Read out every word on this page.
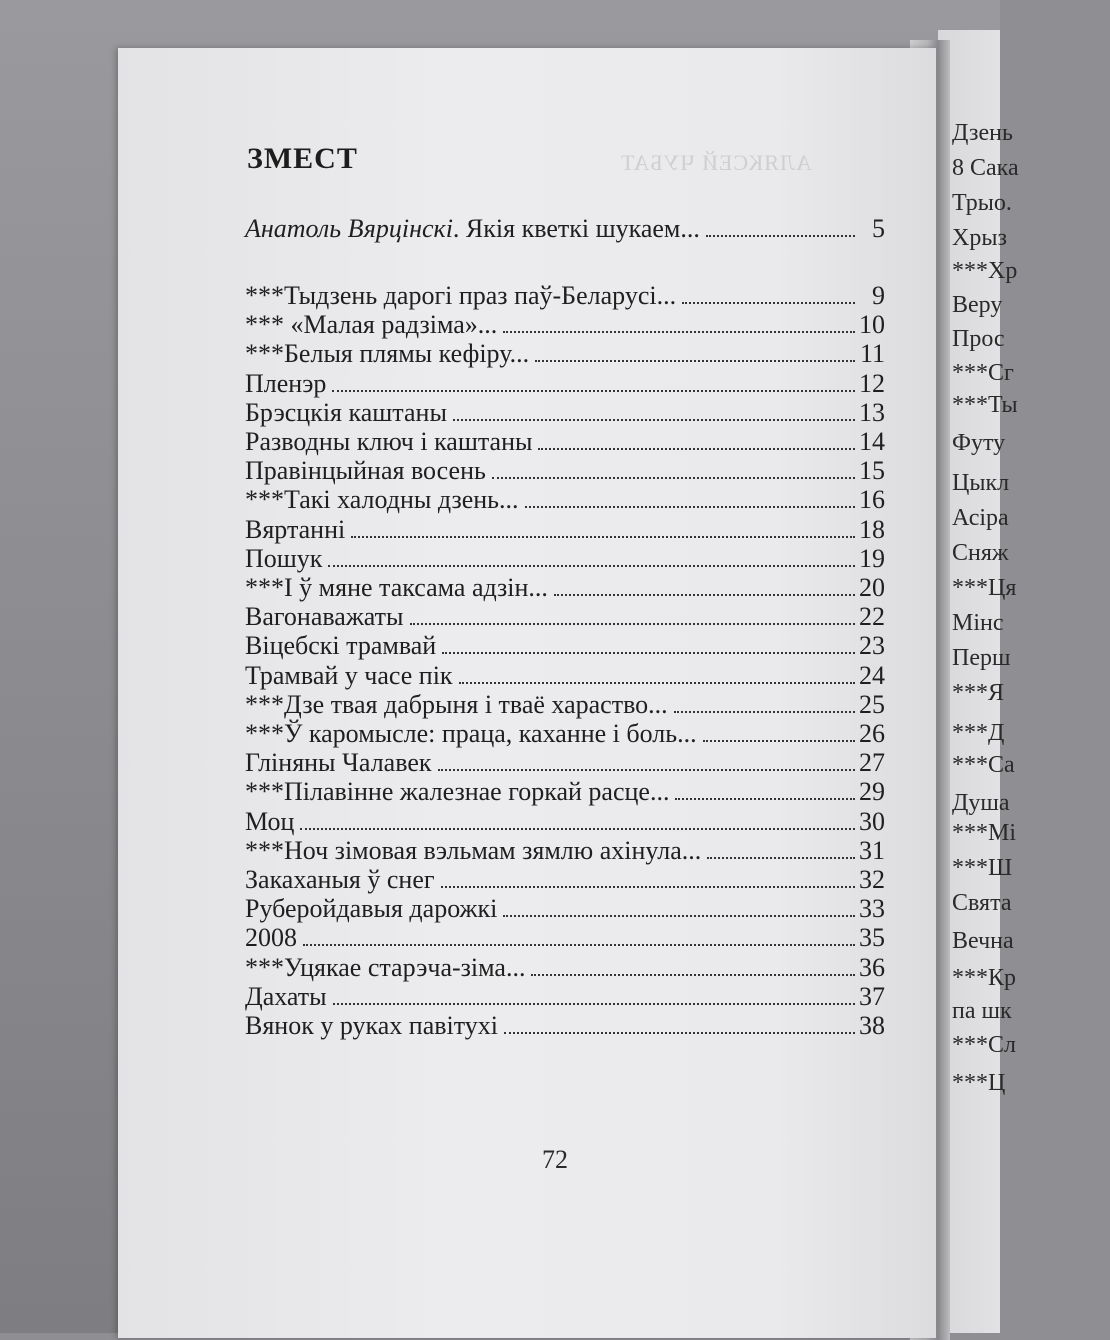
Дзень
8 Сака
Трыо.
Хрыз
***Хр
Веру
Прос
***Сг
***Ты
Футу
Цыкл
Асіра
Сняж
***Ця
Мінс
Перш
***Я
***Д
***Са
Душа
***Мі
***Ш
Свята
Вечна
***Кр
па шк
***Сл
***Ц
АЛЯКСЕЙ ЧУБАТ
ЗМЕСТ
Анатоль Вярцінскі . Якія кветкі шукаем...	5
***Тыдзень дарогі праз паў-Беларусі...	9
*** «Малая радзіма»...	10
***Белыя плямы кефіру...	11
Пленэр	12
Брэсцкія каштаны	13
Разводны ключ і каштаны	14
Правінцыйная восень	15
***Такі халодны дзень...	16
Вяртанні	18
Пошук	19
***І ў мяне таксама адзін...	20
Вагонаважаты	22
Віцебскі трамвай	23
Трамвай у часе пік	24
***Дзе твая дабрыня і тваё харaство...	25
***Ў каромысле: праца, каханне і боль...	26
Гліняны Чалавек	27
***Пілавінне жалезнае горкай расце...	29
Моц	30
***Ноч зімовая вэльмам зямлю ахінула...	31
Закаханыя ў снег	32
Руберойдавыя дарожкі	33
2008	35
***Уцякае старэча-зіма...	36
Дахаты	37
Вянок у руках павітухі	38
72
